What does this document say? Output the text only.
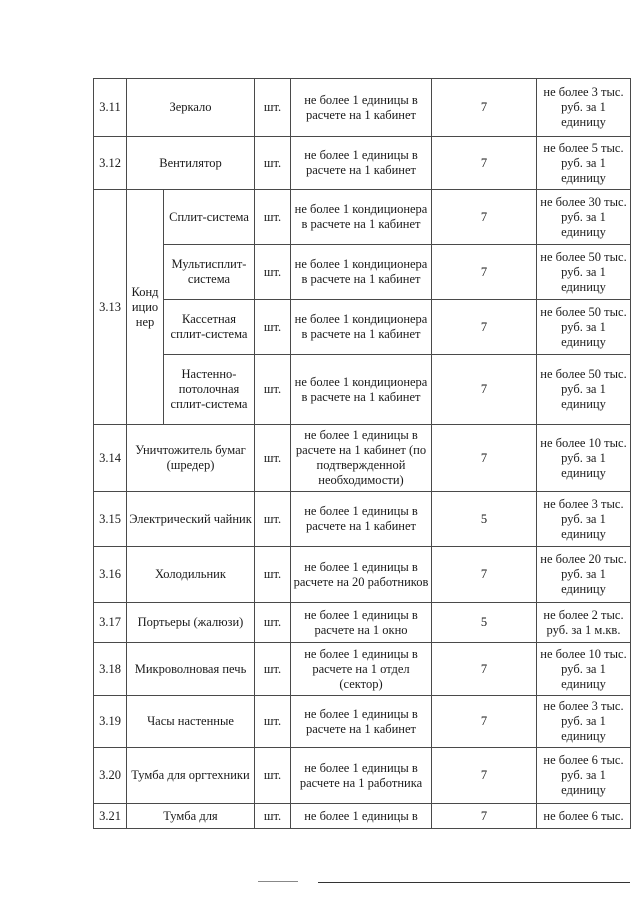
3.11	Зеркало		шт.	не более 1 единицы в расчете на 1 кабинет	7	не более 3 тыс. руб. за 1 единицу
3.12	Вентилятор		шт.	не более 1 единицы в расчете на 1 кабинет	7	не более 5 тыс. руб. за 1 единицу
3.13	Кондиционер	Сплит-система	шт.	не более 1 кондиционера в расчете на 1 кабинет	7	не более 30 тыс. руб. за 1 единицу
		Мультисплит-система	шт.	не более 1 кондиционера в расчете на 1 кабинет	7	не более 50 тыс. руб. за 1 единицу
		Кассетная сплит-система	шт.	не более 1 кондиционера в расчете на 1 кабинет	7	не более 50 тыс. руб. за 1 единицу
		Настенно-потолочная сплит-система	шт.	не более 1 кондиционера в расчете на 1 кабинет	7	не более 50 тыс. руб. за 1 единицу
3.14	Уничтожитель бумаг (шредер)		шт.	не более 1 единицы в расчете на 1 кабинет (по подтвержденной необходимости)	7	не более 10 тыс. руб. за 1 единицу
3.15	Электрический чайник		шт.	не более 1 единицы в расчете на 1 кабинет	5	не более 3 тыс. руб. за 1 единицу
3.16	Холодильник		шт.	не более 1 единицы в расчете на 20 работников	7	не более 20 тыс. руб. за 1 единицу
3.17	Портьеры (жалюзи)		шт.	не более 1 единицы в расчете на 1 окно	5	не более 2 тыс. руб. за 1 м.кв.
3.18	Микроволновая печь		шт.	не более 1 единицы в расчете на 1 отдел (сектор)	7	не более 10 тыс. руб. за 1 единицу
3.19	Часы настенные		шт.	не более 1 единицы в расчете на 1 кабинет	7	не более 3 тыс. руб. за 1 единицу
3.20	Тумба для оргтехники		шт.	не более 1 единицы в расчете на 1 работника	7	не более 6 тыс. руб. за 1 единицу
3.21	Тумба для		шт.	не более 1 единицы в	7	не более 6 тыс.
